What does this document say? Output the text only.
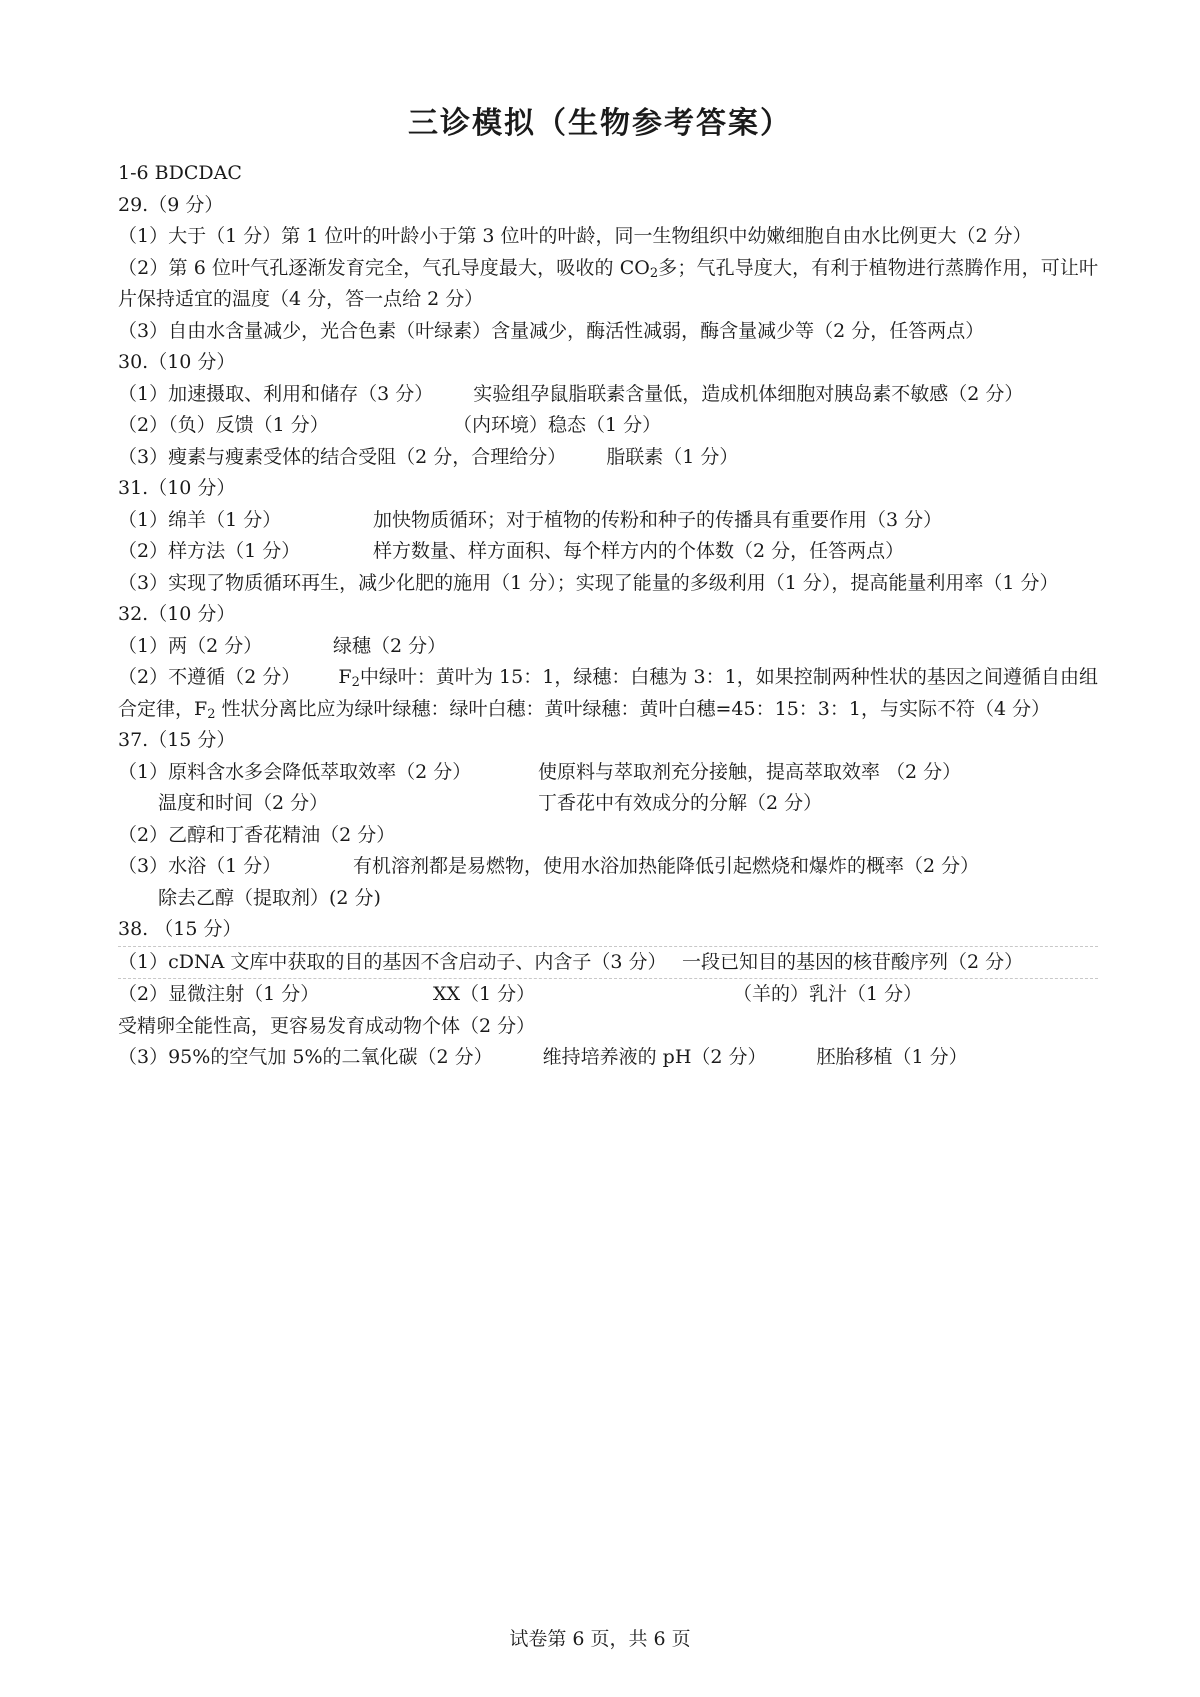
三诊模拟（生物参考答案）
1-6 BDCDAC
29.（9 分）
（1）大于（1 分）第 1 位叶的叶龄小于第 3 位叶的叶龄，同一生物组织中幼嫩细胞自由水比例更大（2 分）
（2）第 6 位叶气孔逐渐发育完全，气孔导度最大，吸收的 $CO_2$多；气孔导度大，有利于植物进行蒸腾作用，可让叶片保持适宜的温度（4 分，答一点给 2 分）
（3）自由水含量减少，光合色素（叶绿素）含量减少，酶活性减弱，酶含量减少等（2 分，任答两点）
30.（10 分）
（1）加速摄取、利用和储存（3 分） 实验组孕鼠脂联素含量低，造成机体细胞对胰岛素不敏感（2 分）
（2）（负）反馈（1 分）	（内环境）稳态（1 分）
（3）瘦素与瘦素受体的结合受阻（2 分，合理给分） 脂联素（1 分）
31.（10 分）
（1）绵羊（1 分）	加快物质循环；对于植物的传粉和种子的传播具有重要作用（3 分）
（2）样方法（1 分）	样方数量、样方面积、每个样方内的个体数（2 分，任答两点）
（3）实现了物质循环再生，减少化肥的施用（1 分）；实现了能量的多级利用（1 分），提高能量利用率（1 分）
32.（10 分）
（1）两（2 分）	绿穗（2 分）
（2）不遵循（2 分） $F_2$中绿叶：黄叶为 15：1，绿穗：白穗为 3：1，如果控制两种性状的基因之间遵循自由组合定律，$F_2$ 性状分离比应为绿叶绿穗：绿叶白穗：黄叶绿穗：黄叶白穗=45：15：3：1，与实际不符（4 分）
37.（15 分）
（1）原料含水多会降低萃取效率（2 分）	使原料与萃取剂充分接触，提高萃取效率 （2 分）
温度和时间（2 分）	丁香花中有效成分的分解（2 分）
（2）乙醇和丁香花精油（2 分）
（3）水浴（1 分）	有机溶剂都是易燃物，使用水浴加热能降低引起燃烧和爆炸的概率（2 分）
除去乙醇（提取剂）(2 分)
38. （15 分）
（1）cDNA 文库中获取的目的基因不含启动子、内含子（3 分）　 一段已知目的基因的核苷酸序列（2 分）
（2）显微注射（1 分）	XX（1 分）	（羊的）乳汁（1 分）
受精卵全能性高，更容易发育成动物个体（2 分）
（3）95%的空气加 5%的二氧化碳（2 分）	维持培养液的 pH（2 分）	胚胎移植（1 分）
试卷第 6 页，共 6 页
